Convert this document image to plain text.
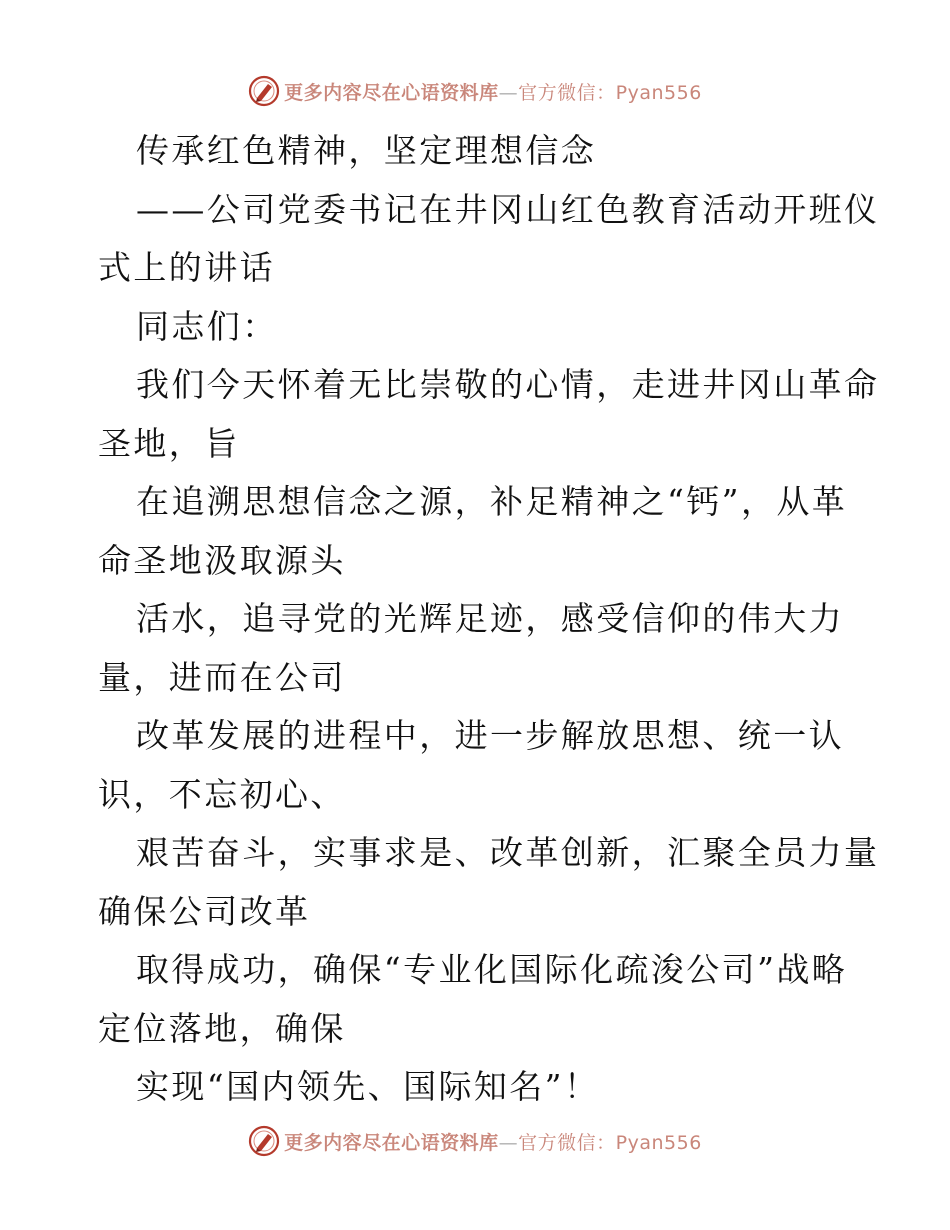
更多内容尽在心语资料库—官方微信：Pyan556
传承红色精神，坚定理想信念
——公司党委书记在井冈山红色教育活动开班仪
式上的讲话
同志们：
我们今天怀着无比崇敬的心情，走进井冈山革命
圣地，旨
在追溯思想信念之源，补足精神之“钙”，从革
命圣地汲取源头
活水，追寻党的光辉足迹，感受信仰的伟大力
量，进而在公司
改革发展的进程中，进一步解放思想、统一认
识，不忘初心、
艰苦奋斗，实事求是、改革创新，汇聚全员力量
确保公司改革
取得成功，确保“专业化国际化疏浚公司”战略
定位落地，确保
实现“国内领先、国际知名”！
更多内容尽在心语资料库—官方微信：Pyan556
